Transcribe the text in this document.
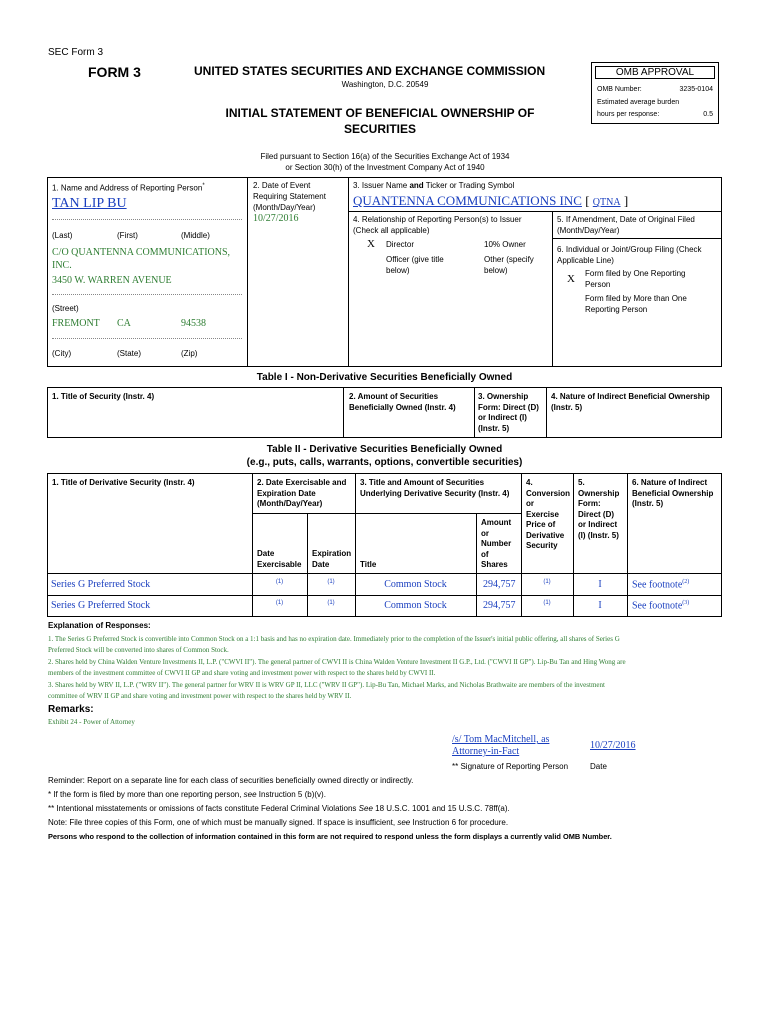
SEC Form 3
FORM 3	UNITED STATES SECURITIES AND EXCHANGE COMMISSION
Washington, D.C. 20549
INITIAL STATEMENT OF BENEFICIAL OWNERSHIP OF
SECURITIES
OMB APPROVAL
OMB Number:	3235-0104
Estimated average burden
hours per response:	0.5
Filed pursuant to Section 16(a) of the Securities Exchange Act of 1934
or Section 30(h) of the Investment Company Act of 1940
1. Name and Address of Reporting Person*
TAN LIP BU
(Last)	(First)	(Middle)
C/O QUANTENNA COMMUNICATIONS,
INC.
3450 W. WARREN AVENUE
(Street)
FREMONT CA	94538
(City)	(State)	(Zip)
2. Date of Event
Requiring Statement
(Month/Day/Year)
10/27/2016
3. Issuer Name and Ticker or Trading Symbol
QUANTENNA COMMUNICATIONS INC [ QTNA ]
4. Relationship of Reporting Person(s) to Issuer
(Check all applicable)
X Director	10% Owner
Officer (give title
below)
Other (specify
below)
5. If Amendment, Date of Original Filed
(Month/Day/Year)
6. Individual or Joint/Group Filing (Check
Applicable Line)
X Form filed by One Reporting
Person
Form filed by More than One
Reporting Person
Table I - Non-Derivative Securities Beneficially Owned
1. Title of Security (Instr. 4)	2. Amount of Securities
Beneficially Owned (Instr. 4)
3. Ownership
Form: Direct (D)
or Indirect (I)
(Instr. 5)
4. Nature of Indirect Beneficial Ownership
(Instr. 5)
Table II - Derivative Securities Beneficially Owned
(e.g., puts, calls, warrants, options, convertible securities)
1. Title of Derivative Security (Instr. 4)	2. Date Exercisable and
Expiration Date
(Month/Day/Year)
Date
Exercisable
Expiration
Date
3. Title and Amount of Securities
Underlying Derivative Security (Instr. 4)
Title
Amount
or
Number
of
Shares
4.
Conversion
or
Exercise
Price of
Derivative
Security
5.
Ownership
Form:
Direct (D)
or Indirect
(I) (Instr. 5)
6. Nature of Indirect
Beneficial Ownership
(Instr. 5)
Series G Preferred Stock	(1)	(1)	Common Stock	294,757	(1)	I	See footnote$^{(2)}$
Series G Preferred Stock	(1)	(1)	Common Stock	294,757	(1)	I	See footnote$^{(3)}$
Explanation of Responses:
1. The Series G Preferred Stock is convertible into Common Stock on a 1:1 basis and has no expiration date. Immediately prior to the completion of the Issuer's initial public offering, all shares of Series G
Preferred Stock will be converted into shares of Common Stock.
2. Shares held by China Walden Venture Investments II, L.P. ("CWVI II"). The general partner of CWVI II is China Walden Venture Investment II G.P., Ltd. ("CWVI II GP"). Lip-Bu Tan and Hing Wong are
members of the investment committee of CWVI II GP and share voting and investment power with respect to the shares held by CWVI II.
3. Shares held by WRV II, L.P. ("WRV II"). The general partner for WRV II is WRV GP II, LLC ("WRV II GP"). Lip-Bu Tan, Michael Marks, and Nicholas Brathwaite are members of the investment
committee of WRV II GP and share voting and investment power with respect to the shares held by WRV II.
Remarks:
Exhibit 24 - Power of Attorney
/s/ Tom MacMitchell, as
Attorney-in-Fact
10/27/2016
** Signature of Reporting Person	Date
Reminder: Report on a separate line for each class of securities beneficially owned directly or indirectly.
* If the form is filed by more than one reporting person, see Instruction 5 (b)(v).
** Intentional misstatements or omissions of facts constitute Federal Criminal Violations See 18 U.S.C. 1001 and 15 U.S.C. 78ff(a).
Note: File three copies of this Form, one of which must be manually signed. If space is insufficient, see Instruction 6 for procedure.
Persons who respond to the collection of information contained in this form are not required to respond unless the form displays a currently valid OMB Number.
